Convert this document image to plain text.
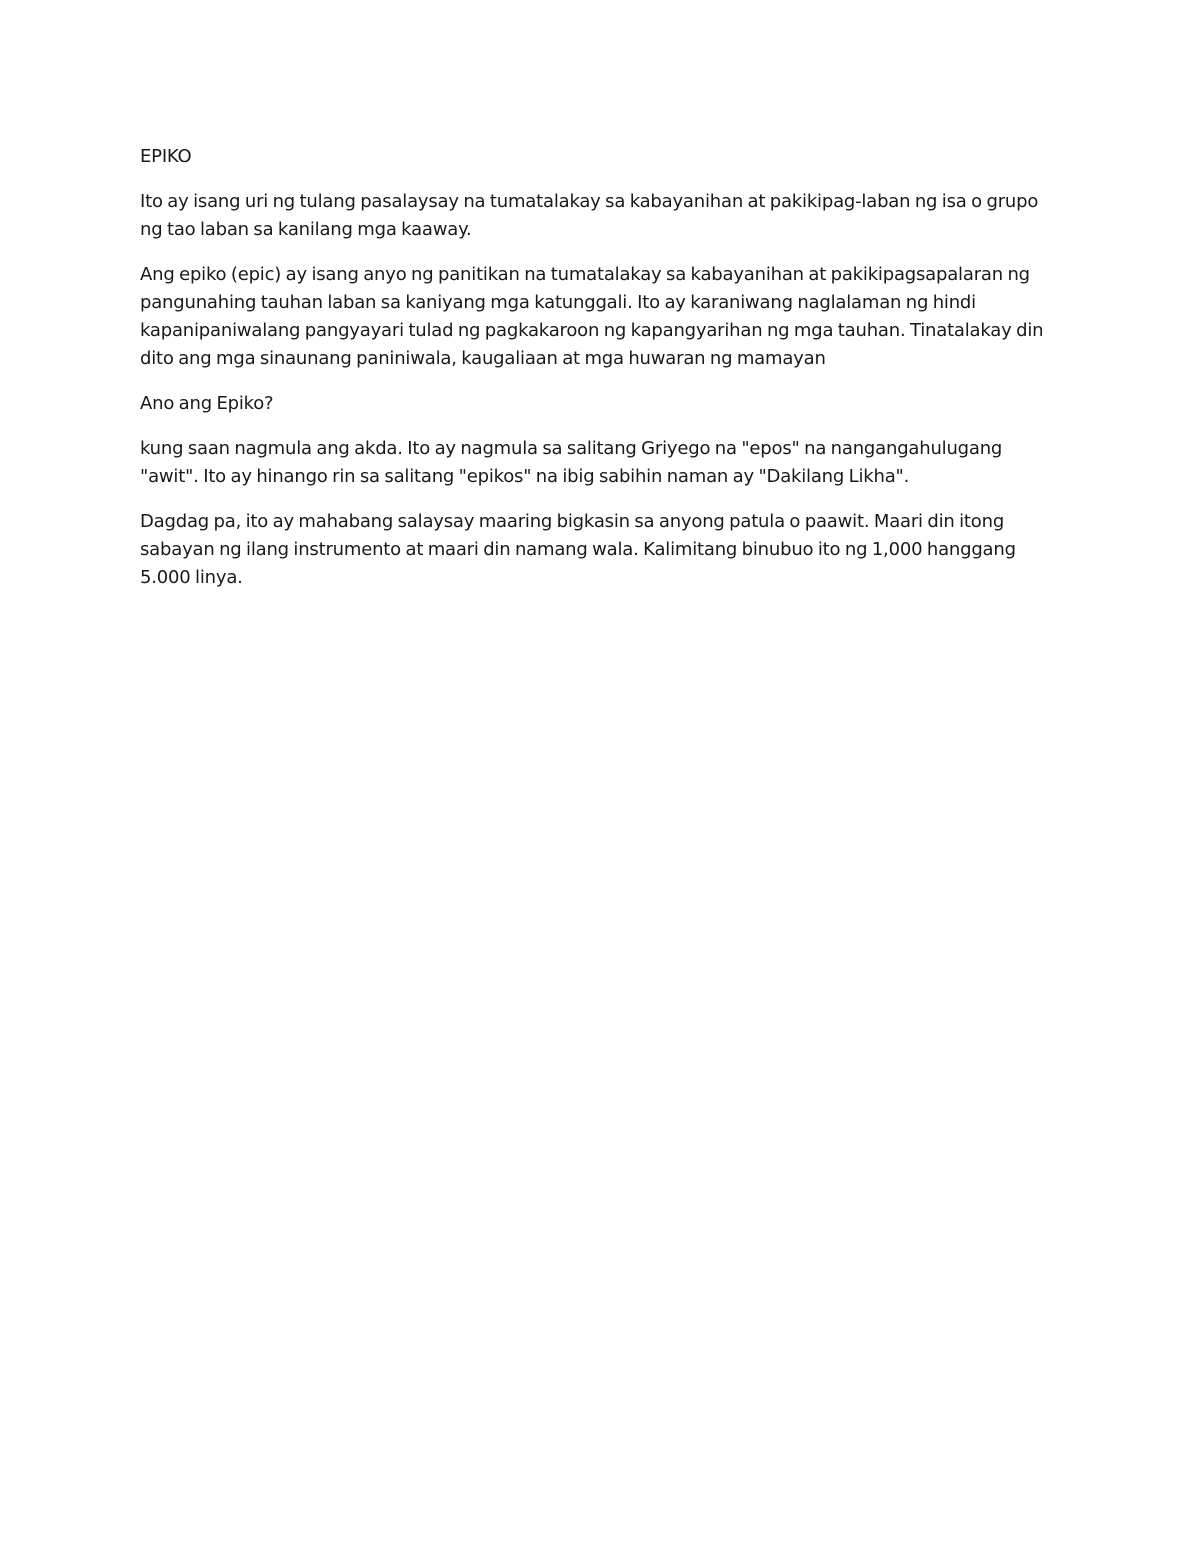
EPIKO

Ito ay isang uri ng tulang pasalaysay na tumatalakay sa kabayanihan at pakikipag-laban ng isa o grupo ng tao laban sa kanilang mga kaaway.

Ang epiko (epic) ay isang anyo ng panitikan na tumatalakay sa kabayanihan at pakikipagsapalaran ng pangunahing tauhan laban sa kaniyang mga katunggali. Ito ay karaniwang naglalaman ng hindi kapanipaniwalang pangyayari tulad ng pagkakaroon ng kapangyarihan ng mga tauhan. Tinatalakay din dito ang mga sinaunang paniniwala, kaugaliaan at mga huwaran ng mamayan

Ano ang Epiko?

kung saan nagmula ang akda. Ito ay nagmula sa salitang Griyego na "epos" na nangangahulugang "awit". Ito ay hinango rin sa salitang "epikos" na ibig sabihin naman ay "Dakilang Likha".

Dagdag pa, ito ay mahabang salaysay maaring bigkasin sa anyong patula o paawit. Maari din itong sabayan ng ilang instrumento at maari din namang wala. Kalimitang binubuo ito ng 1,000 hanggang 5.000 linya.
